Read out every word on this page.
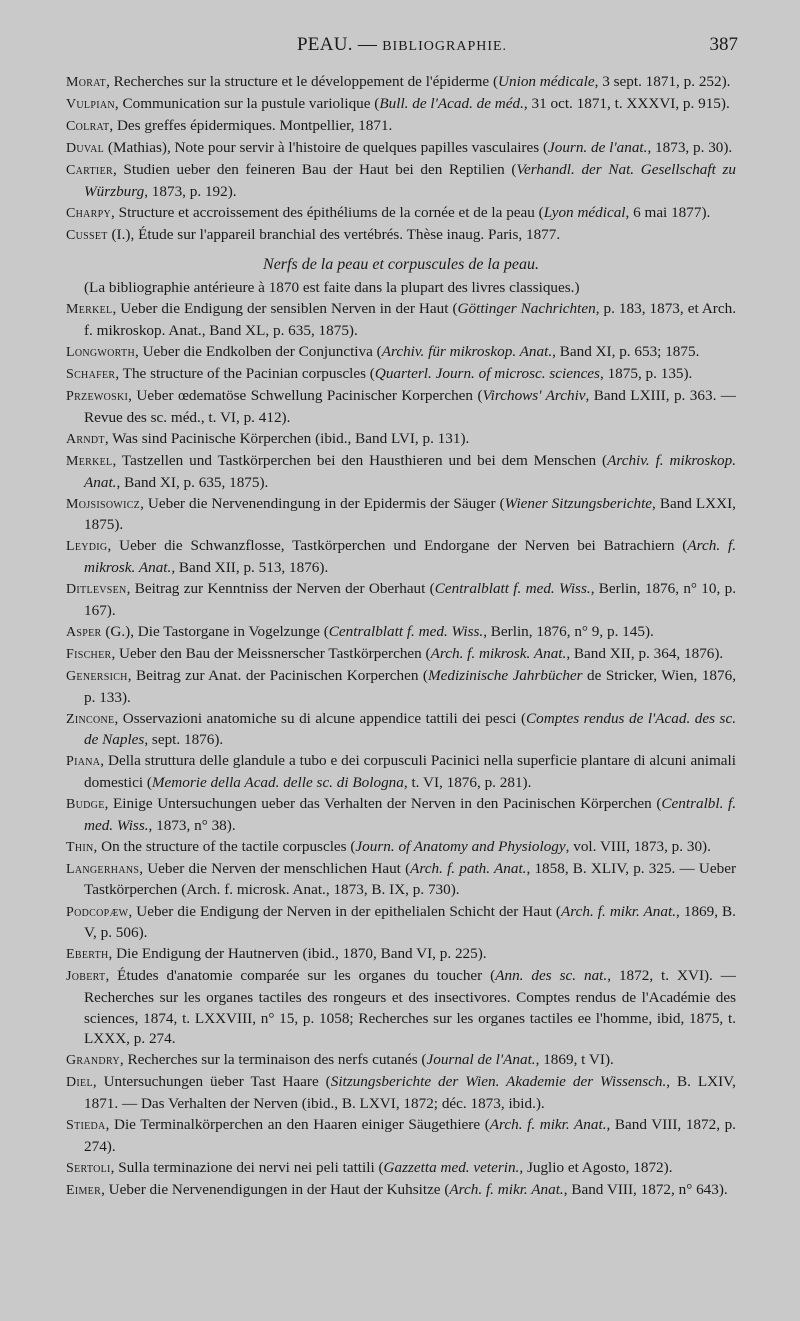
PEAU. — BIBLIOGRAPHIE.	387
Morat, Recherches sur la structure et le développement de l'épiderme (Union médicale, 3 sept. 1871, p. 252).
Vulpian, Communication sur la pustule variolique (Bull. de l'Acad. de méd., 31 oct. 1871, t. XXXVI, p. 915).
Colrat, Des greffes épidermiques. Montpellier, 1871.
Duval (Mathias), Note pour servir à l'histoire de quelques papilles vasculaires (Journ. de l'anat., 1873, p. 30).
Cartier, Studien ueber den feineren Bau der Haut bei den Reptilien (Verhandl. der Nat. Gesellschaft zu Würzburg, 1873, p. 192).
Charpy, Structure et accroissement des épithéliums de la cornée et de la peau (Lyon médical, 6 mai 1877).
Cusset (I.), Étude sur l'appareil branchial des vertébrés. Thèse inaug. Paris, 1877.
Nerfs de la peau et corpuscules de la peau.
(La bibliographie antérieure à 1870 est faite dans la plupart des livres classiques.)
Merkel, Ueber die Endigung der sensiblen Nerven in der Haut (Göttinger Nachrichten, p. 183, 1873, et Arch. f. mikroskop. Anat., Band XL, p. 635, 1875).
Longworth, Ueber die Endkolben der Conjunctiva (Archiv. für mikroskop. Anat., Band XI, p. 653; 1875.
Schafer, The structure of the Pacinian corpuscles (Quarterl. Journ. of microsc. sciences, 1875, p. 135).
Przewoski, Ueber œdematöse Schwellung Pacinischer Korperchen (Virchows' Archiv, Band LXIII, p. 363. — Revue des sc. méd., t. VI, p. 412).
Arndt, Was sind Pacinische Körperchen (ibid., Band LVI, p. 131).
Merkel, Tastzellen und Tastkörperchen bei den Hausthieren und bei dem Menschen (Archiv. f. mikroskop. Anat., Band XI, p. 635, 1875).
Mojsisowicz, Ueber die Nervenendingung in der Epidermis der Säuger (Wiener Sitzungsberichte, Band LXXI, 1875).
Leydig, Ueber die Schwanzflosse, Tastkörperchen und Endorgane der Nerven bei Batrachiern (Arch. f. mikrosk. Anat., Band XII, p. 513, 1876).
Ditlevsen, Beitrag zur Kenntniss der Nerven der Oberhaut (Centralblatt f. med. Wiss., Berlin, 1876, n° 10, p. 167).
Asper (G.), Die Tastorgane in Vogelzunge (Centralblatt f. med. Wiss., Berlin, 1876, n° 9, p. 145).
Fischer, Ueber den Bau der Meissnerscher Tastkörperchen (Arch. f. mikrosk. Anat., Band XII, p. 364, 1876).
Genersich, Beitrag zur Anat. der Pacinischen Korperchen (Medizinische Jahrbücher de Stricker, Wien, 1876, p. 133).
Zincone, Osservazioni anatomiche su di alcune appendice tattili dei pesci (Comptes rendus de l'Acad. des sc. de Naples, sept. 1876).
Piana, Della struttura delle glandule a tubo e dei corpusculi Pacinici nella superficie plantare di alcuni animali domestici (Memorie della Acad. delle sc. di Bologna, t. VI, 1876, p. 281).
Budge, Einige Untersuchungen ueber das Verhalten der Nerven in den Pacinischen Körperchen (Centralbl. f. med. Wiss., 1873, n° 38).
Thin, On the structure of the tactile corpuscles (Journ. of Anatomy and Physiology, vol. VIII, 1873, p. 30).
Langerhans, Ueber die Nerven der menschlichen Haut (Arch. f. path. Anat., 1858, B. XLIV, p. 325. — Ueber Tastkörperchen (Arch. f. microsk. Anat., 1873, B. IX, p. 730).
Podcopæw, Ueber die Endigung der Nerven in der epithelialen Schicht der Haut (Arch. f. mikr. Anat., 1869, B. V, p. 506).
Eberth, Die Endigung der Hautnerven (ibid., 1870, Band VI, p. 225).
Jobert, Études d'anatomie comparée sur les organes du toucher (Ann. des sc. nat., 1872, t. XVI). — Recherches sur les organes tactiles des rongeurs et des insectivores. Comptes rendus de l'Académie des sciences, 1874, t. LXXVIII, n° 15, p. 1058; Recherches sur les organes tactiles ee l'homme, ibid, 1875, t. LXXX, p. 274.
Grandry, Recherches sur la terminaison des nerfs cutanés (Journal de l'Anat., 1869, t VI).
Diel, Untersuchungen üeber Tast Haare (Sitzungsberichte der Wien. Akademie der Wissensch., B. LXIV, 1871. — Das Verhalten der Nerven (ibid., B. LXVI, 1872; déc. 1873, ibid.).
Stieda, Die Terminalkörperchen an den Haaren einiger Säugethiere (Arch. f. mikr. Anat., Band VIII, 1872, p. 274).
Sertoli, Sulla terminazione dei nervi nei peli tattili (Gazzetta med. veterin., Juglio et Agosto, 1872).
Eimer, Ueber die Nervenendigungen in der Haut der Kuhsitze (Arch. f. mikr. Anat., Band VIII, 1872, n° 643).
